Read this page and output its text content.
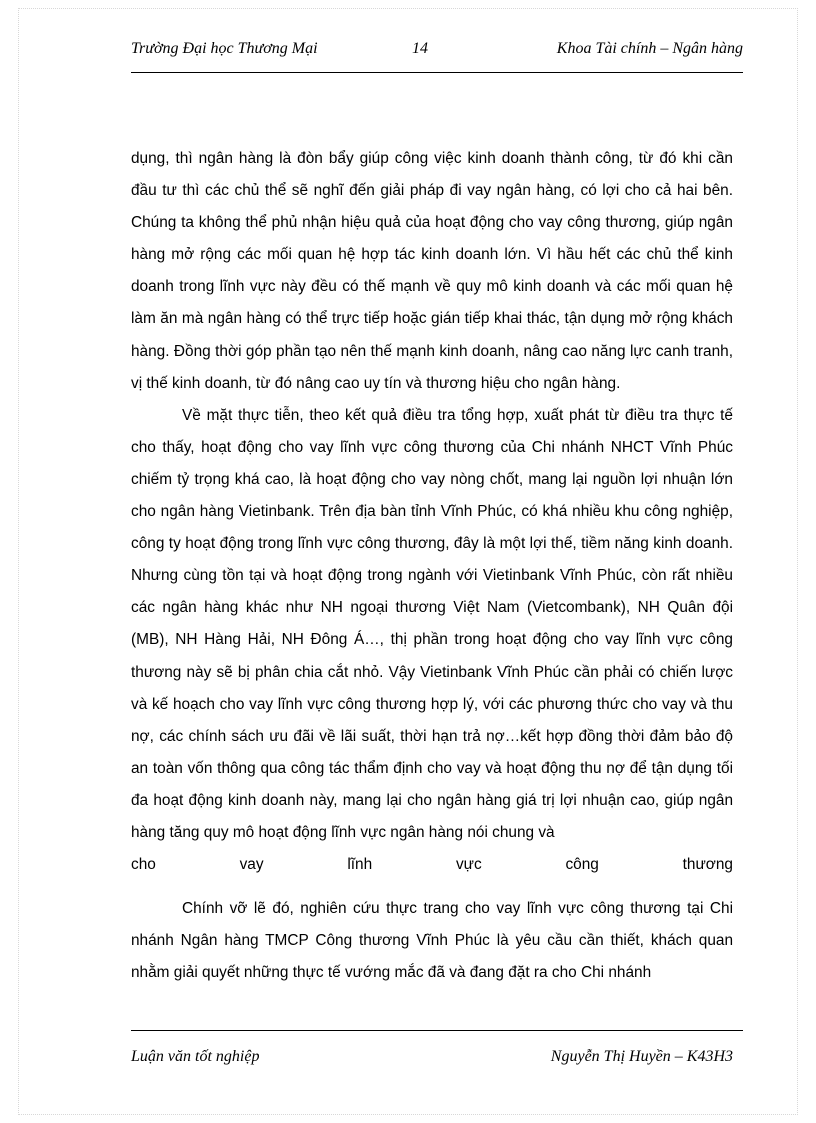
Trường Đại học Thương Mại	14	Khoa Tài chính – Ngân hàng

dụng, thì ngân hàng là đòn bẩy giúp công việc kinh doanh thành công, từ đó khi cần đầu tư thì các chủ thể sẽ nghĩ đến giải pháp đi vay ngân hàng, có lợi cho cả hai bên. Chúng ta không thể phủ nhận hiệu quả của hoạt động cho vay công thương, giúp ngân hàng mở rộng các mối quan hệ hợp tác kinh doanh lớn. Vì hầu hết các chủ thể kinh doanh trong lĩnh vực này đều có thế mạnh về quy mô kinh doanh và các mối quan hệ làm ăn mà ngân hàng có thể trực tiếp hoặc gián tiếp khai thác, tận dụng mở rộng khách hàng. Đồng thời góp phần tạo nên thế mạnh kinh doanh, nâng cao năng lực canh tranh, vị thế kinh doanh, từ đó nâng cao uy tín và thương hiệu cho ngân hàng.

Về mặt thực tiễn, theo kết quả điều tra tổng hợp, xuất phát từ điều tra thực tế cho thấy, hoạt động cho vay lĩnh vực công thương của Chi nhánh NHCT Vĩnh Phúc chiếm tỷ trọng khá cao, là hoạt động cho vay nòng chốt, mang lại nguồn lợi nhuận lớn cho ngân hàng Vietinbank. Trên địa bàn tỉnh Vĩnh Phúc, có khá nhiều khu công nghiệp, công ty hoạt động trong lĩnh vực công thương, đây là một lợi thế, tiềm năng kinh doanh. Nhưng cùng tồn tại và hoạt động trong ngành với Vietinbank Vĩnh Phúc, còn rất nhiều các ngân hàng khác như NH ngoại thương Việt Nam (Vietcombank), NH Quân đội (MB), NH Hàng Hải, NH Đông Á…, thị phần trong hoạt động cho vay lĩnh vực công thương này sẽ bị phân chia cắt nhỏ. Vậy Vietinbank Vĩnh Phúc cần phải có chiến lược và kế hoạch cho vay lĩnh vực công thương hợp lý, với các phương thức cho vay và thu nợ, các chính sách ưu đãi về lãi suất, thời hạn trả nợ…kết hợp đồng thời đảm bảo độ an toàn vốn thông qua công tác thẩm định cho vay và hoạt động thu nợ để tận dụng tối đa hoạt động kinh doanh này, mang lại cho ngân hàng giá trị lợi nhuận cao, giúp ngân hàng tăng quy mô hoạt động lĩnh vực ngân hàng nói chung và

cho vay lĩnh vực công thương

Chính vỡ lẽ đó, nghiên cứu thực trang cho vay lĩnh vực công thương tại Chi nhánh Ngân hàng TMCP Công thương Vĩnh Phúc là yêu cầu cần thiết, khách quan nhằm giải quyết những thực tế vướng mắc đã và đang đặt ra cho Chi nhánh

Luận văn tốt nghiệp	Nguyễn Thị Huyền – K43H3
